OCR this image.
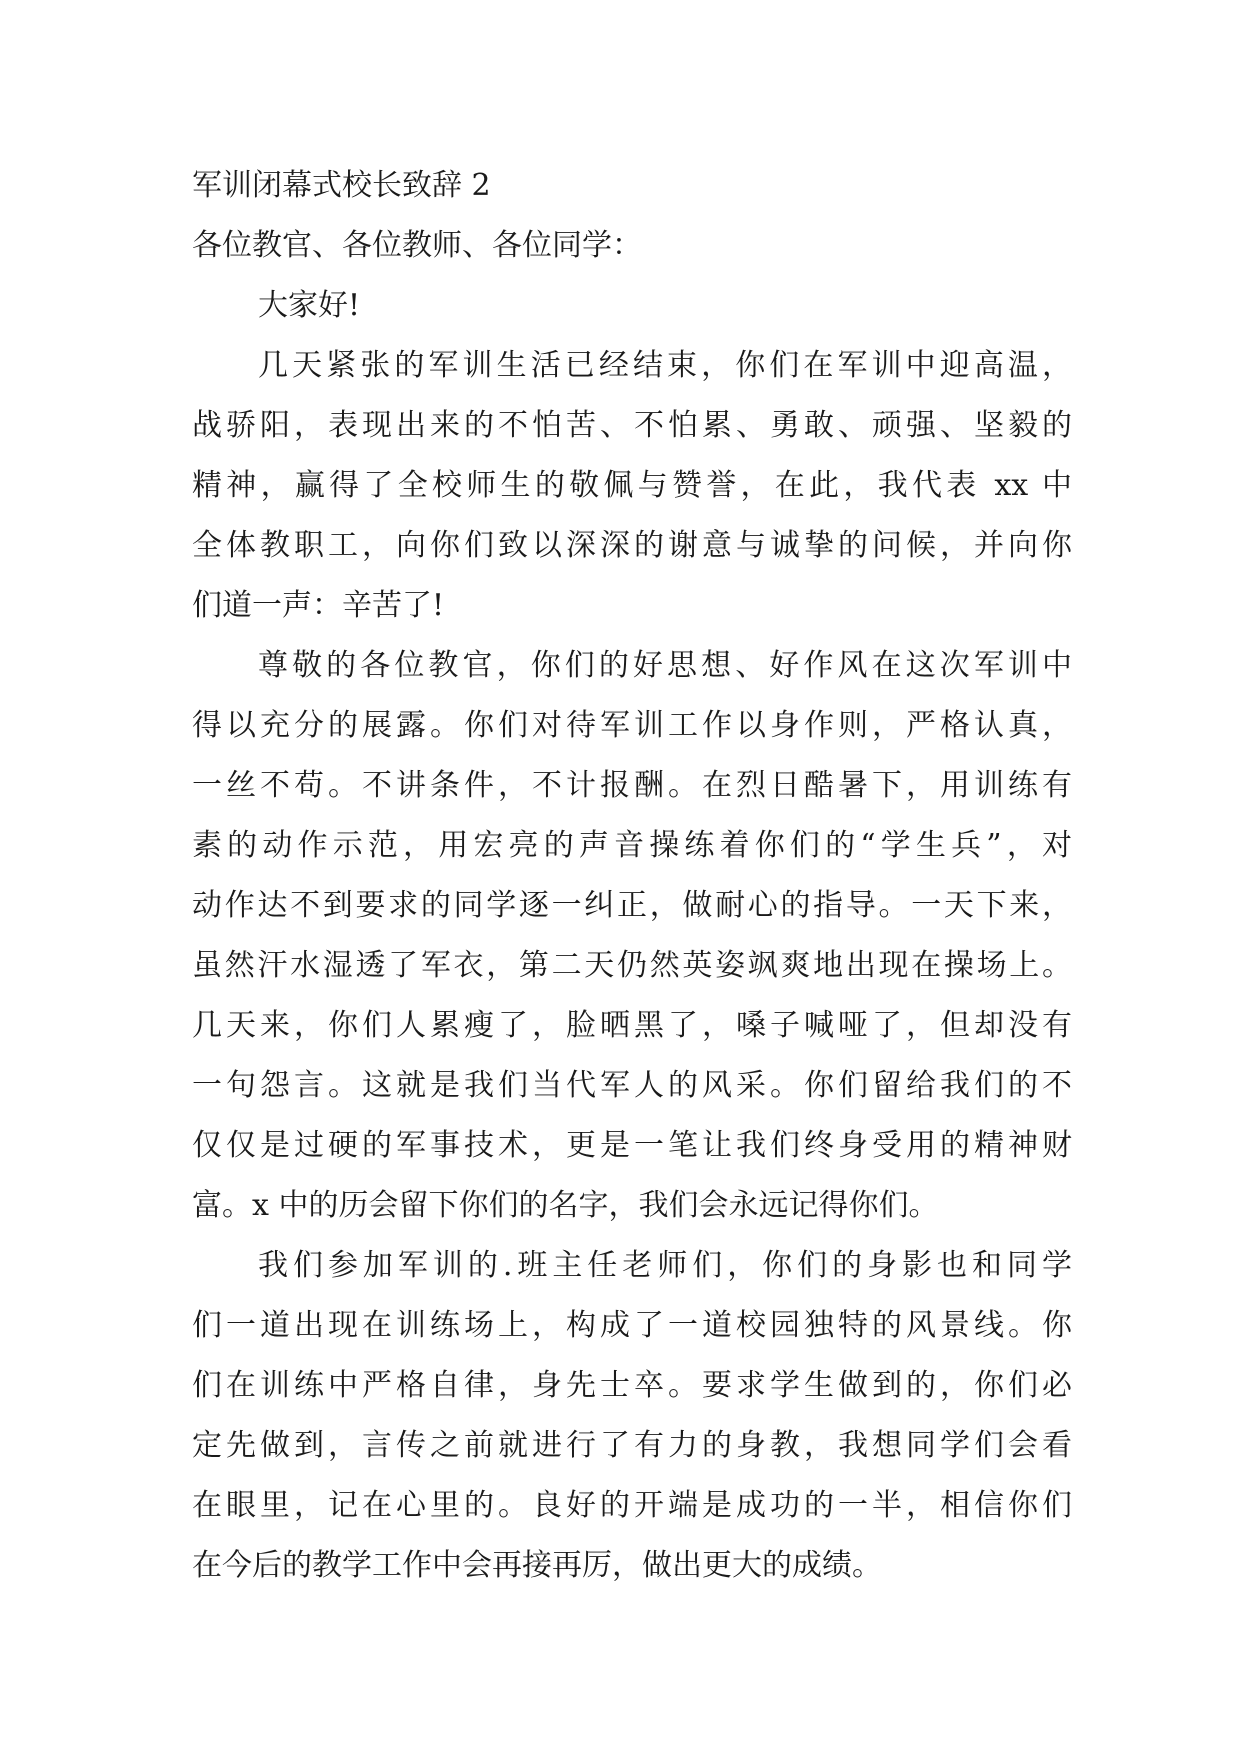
军训闭幕式校长致辞 2

各位教官、各位教师、各位同学：

大家好!

几天紧张的军训生活已经结束，你们在军训中迎高温，

战骄阳，表现出来的不怕苦、不怕累、勇敢、顽强、坚毅的

精神，赢得了全校师生的敬佩与赞誉，在此，我代表 xx 中

全体教职工，向你们致以深深的谢意与诚挚的问候，并向你

们道一声：辛苦了!

尊敬的各位教官，你们的好思想、好作风在这次军训中

得以充分的展露。你们对待军训工作以身作则，严格认真，

一丝不苟。不讲条件，不计报酬。在烈日酷暑下，用训练有

素的动作示范，用宏亮的声音操练着你们的“学生兵”，对

动作达不到要求的同学逐一纠正，做耐心的指导。一天下来，

虽然汗水湿透了军衣，第二天仍然英姿飒爽地出现在操场上。

几天来，你们人累瘦了，脸晒黑了，嗓子喊哑了，但却没有

一句怨言。这就是我们当代军人的风采。你们留给我们的不

仅仅是过硬的军事技术，更是一笔让我们终身受用的精神财

富。x 中的历会留下你们的名字，我们会永远记得你们。

我们参加军训的.班主任老师们，你们的身影也和同学

们一道出现在训练场上，构成了一道校园独特的风景线。你

们在训练中严格自律，身先士卒。要求学生做到的，你们必

定先做到，言传之前就进行了有力的身教，我想同学们会看

在眼里，记在心里的。良好的开端是成功的一半，相信你们

在今后的教学工作中会再接再厉，做出更大的成绩。
